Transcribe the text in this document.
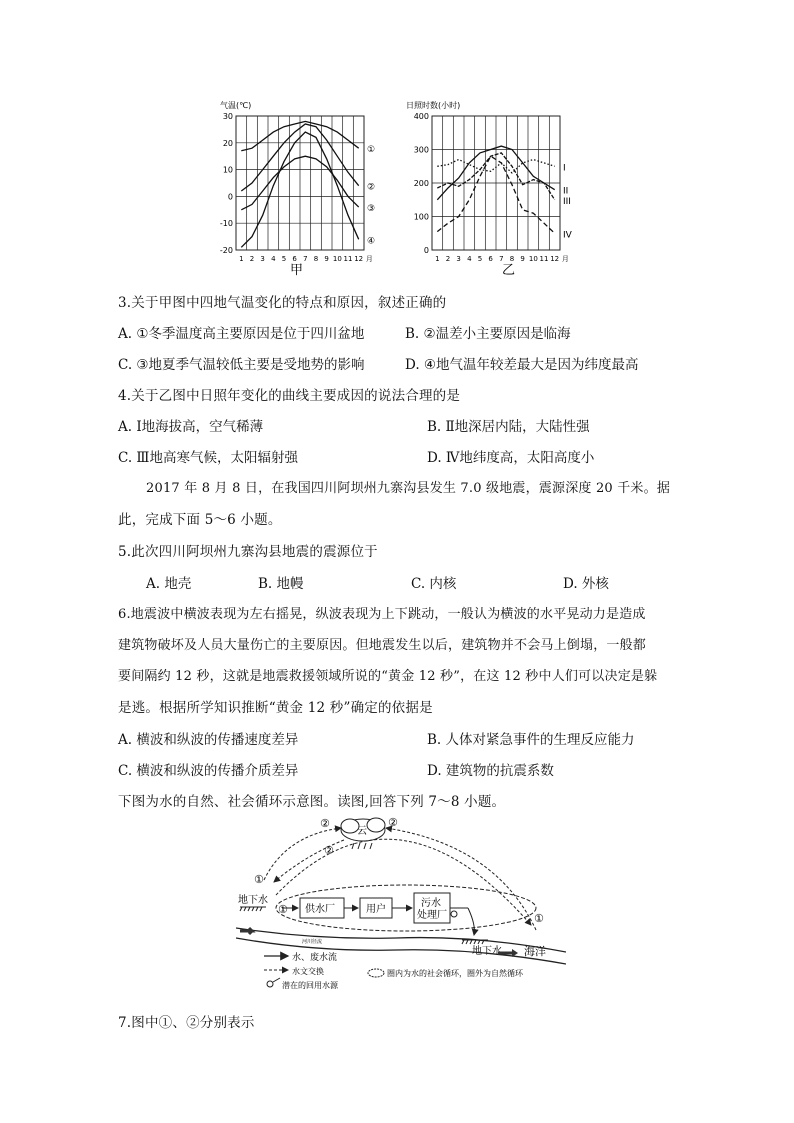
气温(℃)
30
20
10
0
-10
-20
1 2 3 4 5 6 7 8 9 10 11 12 月
①
②
③
④
甲
日照时数(小时)
400
300
200
100
0
1 2 3 4 5 6 7 8 9 10 11 12 月
I
II
III
IV
乙
3.关于甲图中四地气温变化的特点和原因，叙述正确的
A. ①冬季温度高主要原因是位于四川盆地	B. ②温差小主要原因是临海
C. ③地夏季气温较低主要是受地势的影响	D. ④地气温年较差最大是因为纬度最高
4.关于乙图中日照年变化的曲线主要成因的说法合理的是
A. Ⅰ地海拔高，空气稀薄	B. Ⅱ地深居内陆，大陆性强
C. Ⅲ地高寒气候，太阳辐射强	D. Ⅳ地纬度高，太阳高度小
2017 年 8 月 8 日，在我国四川阿坝州九寨沟县发生 7.0 级地震，震源深度 20 千米。据
此，完成下面 5～6 小题。
5.此次四川阿坝州九寨沟县地震的震源位于
A. 地壳	B. 地幔	C. 内核	D. 外核
6.地震波中横波表现为左右摇晃，纵波表现为上下跳动，一般认为横波的水平晃动力是造成
建筑物破坏及人员大量伤亡的主要原因。但地震发生以后，建筑物并不会马上倒塌，一般都
要间隔约 12 秒，这就是地震救援领域所说的“黄金 12 秒”，在这 12 秒中人们可以决定是躲
是逃。根据所学知识推断“黄金 12 秒”确定的依据是
A. 横波和纵波的传播速度差异	B. 人体对紧急事件的生理反应能力
C. 横波和纵波的传播介质差异	D. 建筑物的抗震系数
下图为水的自然、社会循环示意图。读图,回答下列 7～8 小题。
云
②	②
②
①
①
①
地下水
供水厂	用户
污水
处理厂
地下水
河川径流
海洋
水、废水流
水文交换
潜在的回用水源
圈内为水的社会循环，圈外为自然循环
7.图中①、②分别表示
